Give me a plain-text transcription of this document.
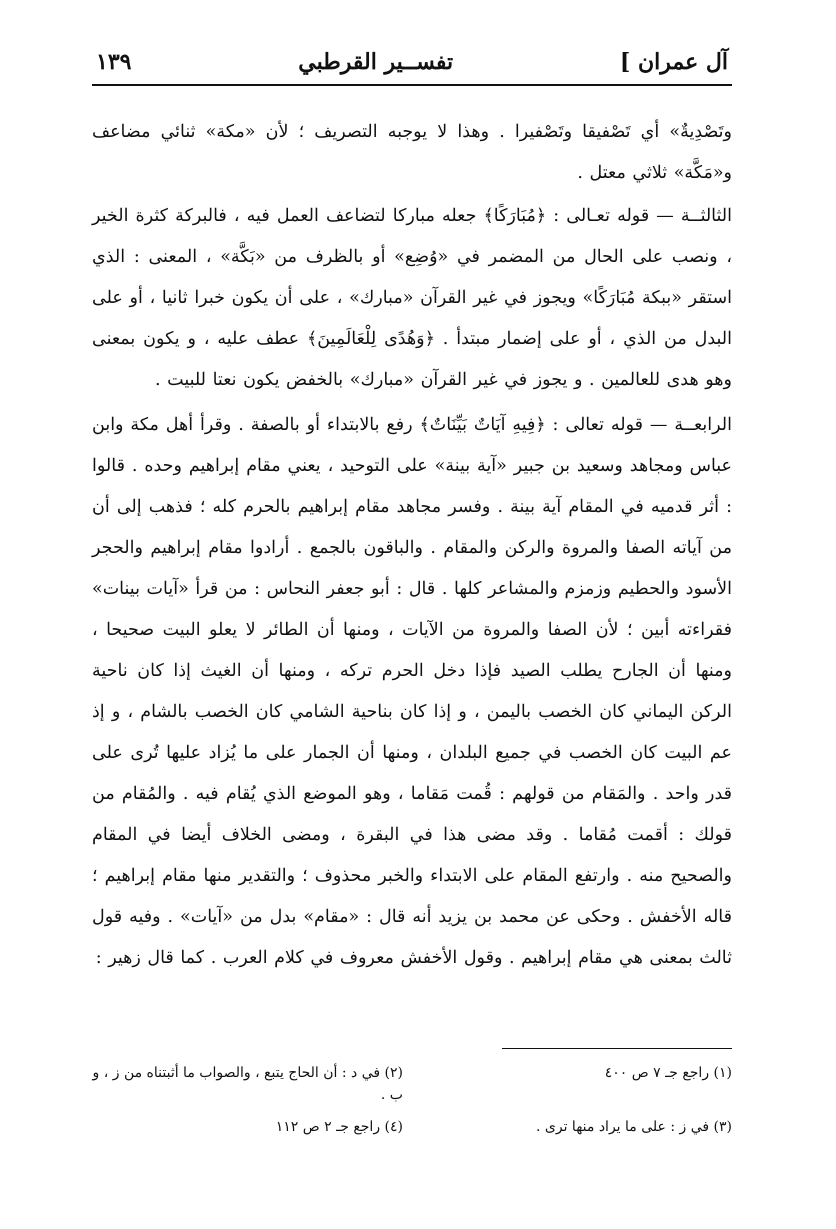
آل عمران ]
تفســير القرطبي
١٣٩

وتَصْدِيةٌ» أي تَصْفيقا وتَصْفيرا . وهذا لا يوجبه التصريف ؛ لأن «مكة» ثنائي مضاعف و«مَكَّة» ثلاثي معتل .

الثالثــة — قوله تعـالى : ﴿مُبَارَكًا﴾ جعله مباركا لتضاعف العمل فيه ، فالبركة كثرة الخير ، ونصب على الحال من المضمر في «وُضِع» أو بالظرف من «بَكَّة» ، المعنى : الذي استقر «ببكة مُبَارَكًا» ويجوز في غير القرآن «مبارك» ، على أن يكون خبرا ثانيا ، أو على البدل من الذي ، أو على إضمار مبتدأ . ﴿وَهُدًى لِلْعَالَمِينَ﴾ عطف عليه ، و يكون بمعنى وهو هدى للعالمين . و يجوز في غير القرآن «مبارك» بالخفض يكون نعتا للبيت .

الرابعــة — قوله تعالى : ﴿فِيهِ آيَاتٌ بَيِّنَاتٌ﴾ رفع بالابتداء أو بالصفة . وقرأ أهل مكة وابن عباس ومجاهد وسعيد بن جبير «آية بينة» على التوحيد ، يعني مقام إبراهيم وحده . قالوا : أثر قدميه في المقام آية بينة . وفسر مجاهد مقام إبراهيم بالحرم كله ؛ فذهب إلى أن من آياته الصفا والمروة والركن والمقام . والباقون بالجمع . أرادوا مقام إبراهيم والحجر الأسود والحطيم وزمزم والمشاعر كلها . قال : أبو جعفر النحاس : من قرأ «آيات بينات» فقراءته أبين ؛ لأن الصفا والمروة من الآيات ، ومنها أن الطائر لا يعلو البيت صحيحا ، ومنها أن الجارح يطلب الصيد فإذا دخل الحرم تركه ، ومنها أن الغيث إذا كان ناحية الركن اليماني كان الخصب باليمن ، و إذا كان بناحية الشامي كان الخصب بالشام ، و إذ عم البيت كان الخصب في جميع البلدان ، ومنها أن الجمار على ما يُزاد عليها تُرى على قدر واحد . والمَقام من قولهم : قُمت مَقاما ، وهو الموضع الذي يُقام فيه . والمُقام من قولك : أقمت مُقاما . وقد مضى هذا في البقرة ، ومضى الخلاف أيضا في المقام والصحيح منه . وارتفع المقام على الابتداء والخبر محذوف ؛ والتقدير منها مقام إبراهيم ؛ قاله الأخفش . وحكى عن محمد بن يزيد أنه قال : «مقام» بدل من «آيات» . وفيه قول ثالث بمعنى هي مقام إبراهيم . وقول الأخفش معروف في كلام العرب . كما قال زهير :

(١) راجع جـ ٧ ص ٤٠٠
(٢) في د : أن الحاج يتبع ، والصواب ما أثبتناه من ز ، و ب .
(٣) في ز : على ما يراد منها ترى .
(٤) راجع جـ ٢ ص ١١٢
